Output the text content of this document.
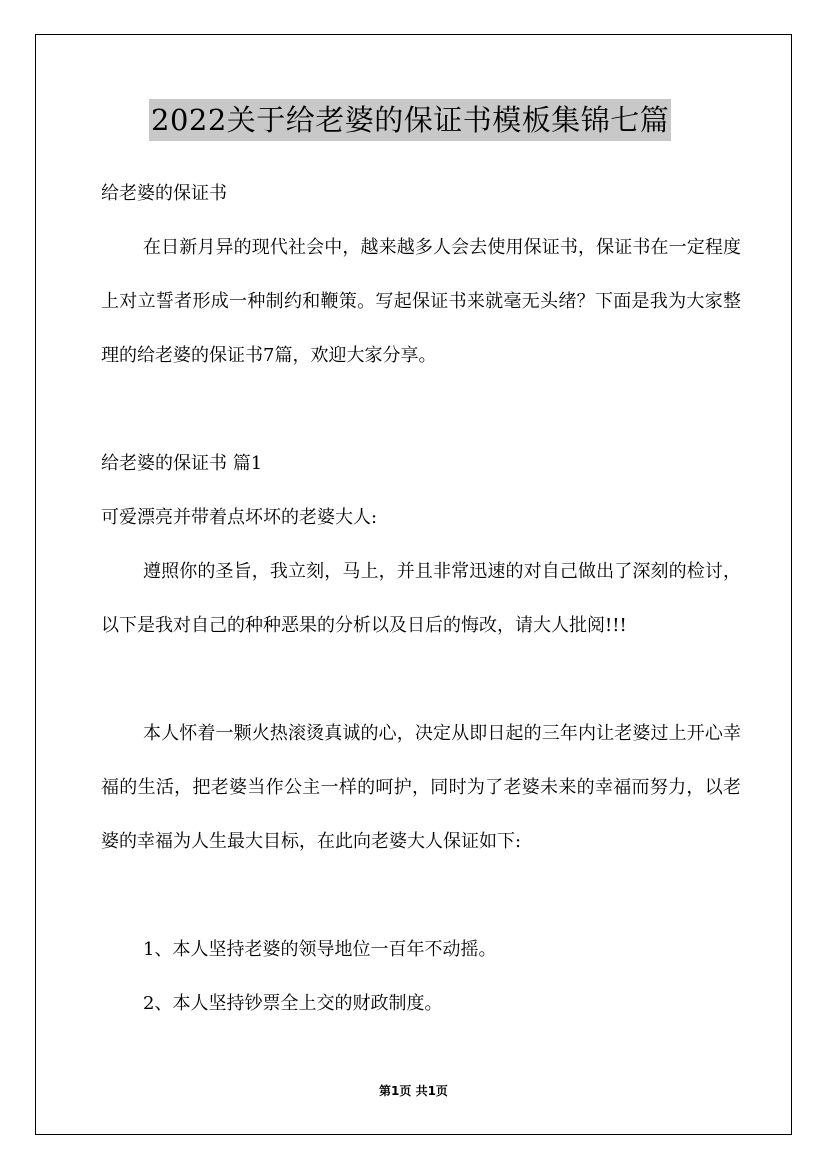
2022关于给老婆的保证书模板集锦七篇
给老婆的保证书
在日新月异的现代社会中，越来越多人会去使用保证书，保证书在一定程度上对立誓者形成一种制约和鞭策。写起保证书来就毫无头绪？下面是我为大家整理的给老婆的保证书7篇，欢迎大家分享。
给老婆的保证书 篇1
可爱漂亮并带着点坏坏的老婆大人:
遵照你的圣旨，我立刻，马上，并且非常迅速的对自己做出了深刻的检讨，以下是我对自己的种种恶果的分析以及日后的悔改，请大人批阅!!!
本人怀着一颗火热滚烫真诚的心，决定从即日起的三年内让老婆过上开心幸福的生活，把老婆当作公主一样的呵护，同时为了老婆未来的幸福而努力，以老婆的幸福为人生最大目标，在此向老婆大人保证如下:
1、本人坚持老婆的领导地位一百年不动摇。
2、本人坚持钞票全上交的财政制度。
第1页 共1页
